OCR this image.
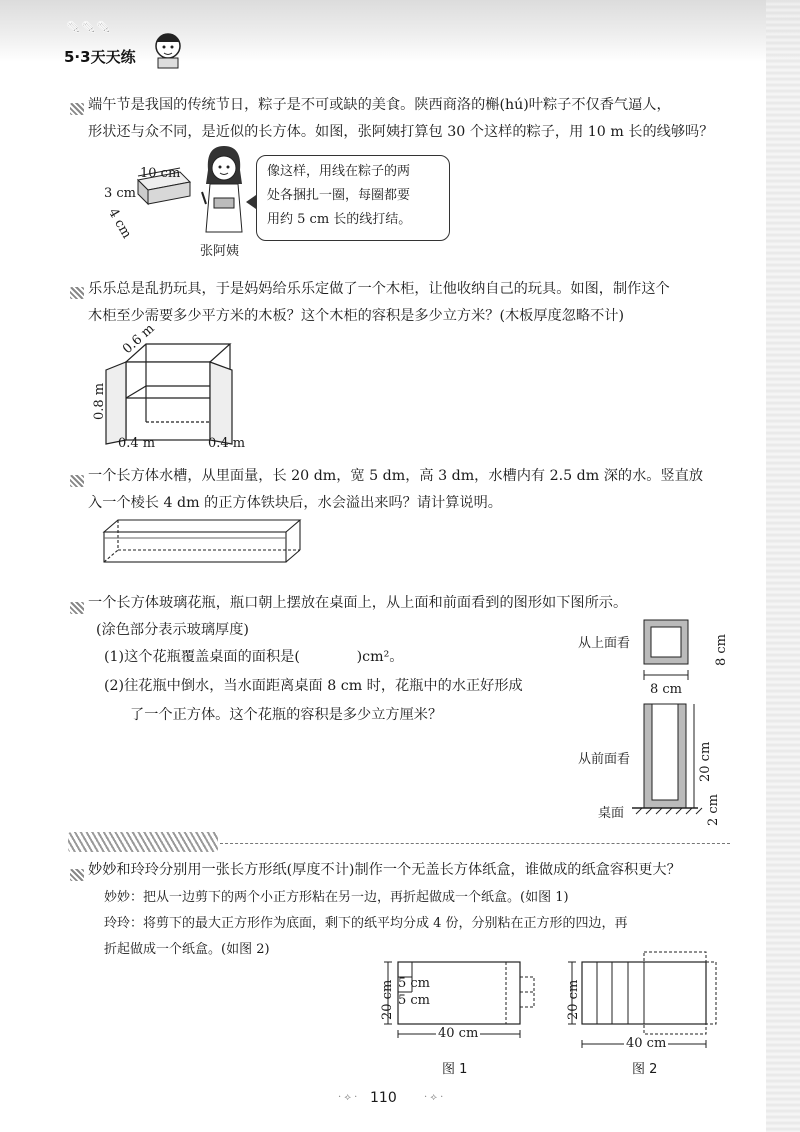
✎✎✎
5·3天天练
端午节是我国的传统节日，粽子是不可或缺的美食。陕西商洛的槲(hú)叶粽子不仅香气逼人，
形状还与众不同，是近似的长方体。如图，张阿姨打算包 30 个这样的粽子，用 10 m 长的线够吗？
10 cm
3 cm
4 cm
张阿姨
像这样，用线在粽子的两
处各捆扎一圈，每圈都要
用约 5 cm 长的线打结。
乐乐总是乱扔玩具，于是妈妈给乐乐定做了一个木柜，让他收纳自己的玩具。如图，制作这个
木柜至少需要多少平方米的木板？这个木柜的容积是多少立方米？(木板厚度忽略不计)
0.6 m
0.8 m
0.4 m	0.4 m
一个长方体水槽，从里面量，长 20 dm，宽 5 dm，高 3 dm，水槽内有 2.5 dm 深的水。竖直放
入一个棱长 4 dm 的正方体铁块后，水会溢出来吗？请计算说明。
一个长方体玻璃花瓶，瓶口朝上摆放在桌面上，从上面和前面看到的图形如下图所示。
(涂色部分表示玻璃厚度)
(1)这个花瓶覆盖桌面的面积是(　　　　)cm²。
(2)往花瓶中倒水，当水面距离桌面 8 cm 时，花瓶中的水正好形成
了一个正方体。这个花瓶的容积是多少立方厘米？
从上面看	8 cm
8 cm
从前面看	20 cm
2 cm
桌面
妙妙和玲玲分别用一张长方形纸(厚度不计)制作一个无盖长方体纸盒，谁做成的纸盒容积更大？
妙妙：把从一边剪下的两个小正方形粘在另一边，再折起做成一个纸盒。(如图 1)
玲玲：将剪下的最大正方形作为底面，剩下的纸平均分成 4 份，分别粘在正方形的四边，再
折起做成一个纸盒。(如图 2)
20 cm 5 cm
5 cm
40 cm
图 1
20 cm
40 cm
图 2
· ⟡ · 110	· ⟡ ·
